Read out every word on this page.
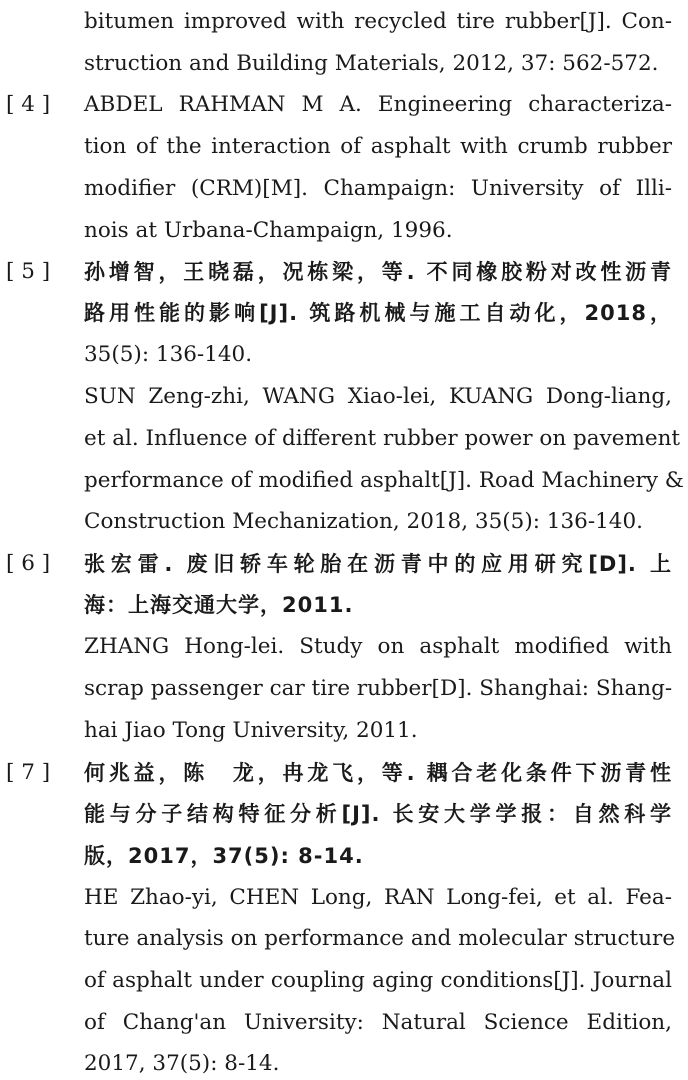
bitumen improved with recycled tire rubber[J]. Con-
struction and Building Materials, 2012, 37: 562-572.
[ 4 ] ABDEL RAHMAN M A. Engineering characteriza-
tion of the interaction of asphalt with crumb rubber
modifier (CRM)[M]. Champaign: University of Illi-
nois at Urbana-Champaign, 1996.
[ 5 ] 孙增智，王晓磊，况栋梁，等. 不同橡胶粉对改性沥青
路用性能的影响[J]. 筑路机械与施工自动化，2018，
35(5): 136-140.
SUN Zeng-zhi, WANG Xiao-lei, KUANG Dong-liang,
et al. Influence of different rubber power on pavement
performance of modified asphalt[J]. Road Machinery &
Construction Mechanization, 2018, 35(5): 136-140.
[ 6 ] 张宏雷. 废旧轿车轮胎在沥青中的应用研究[D]. 上
海：上海交通大学，2011.
ZHANG Hong-lei. Study on asphalt modified with
scrap passenger car tire rubber[D]. Shanghai: Shang-
hai Jiao Tong University, 2011.
[ 7 ] 何兆益，陈　龙，冉龙飞，等. 耦合老化条件下沥青性
能与分子结构特征分析[J]. 长安大学学报：自然科学
版，2017，37(5): 8-14.
HE Zhao-yi, CHEN Long, RAN Long-fei, et al. Fea-
ture analysis on performance and molecular structure
of asphalt under coupling aging conditions[J]. Journal
of Chang'an University: Natural Science Edition,
2017, 37(5): 8-14.
